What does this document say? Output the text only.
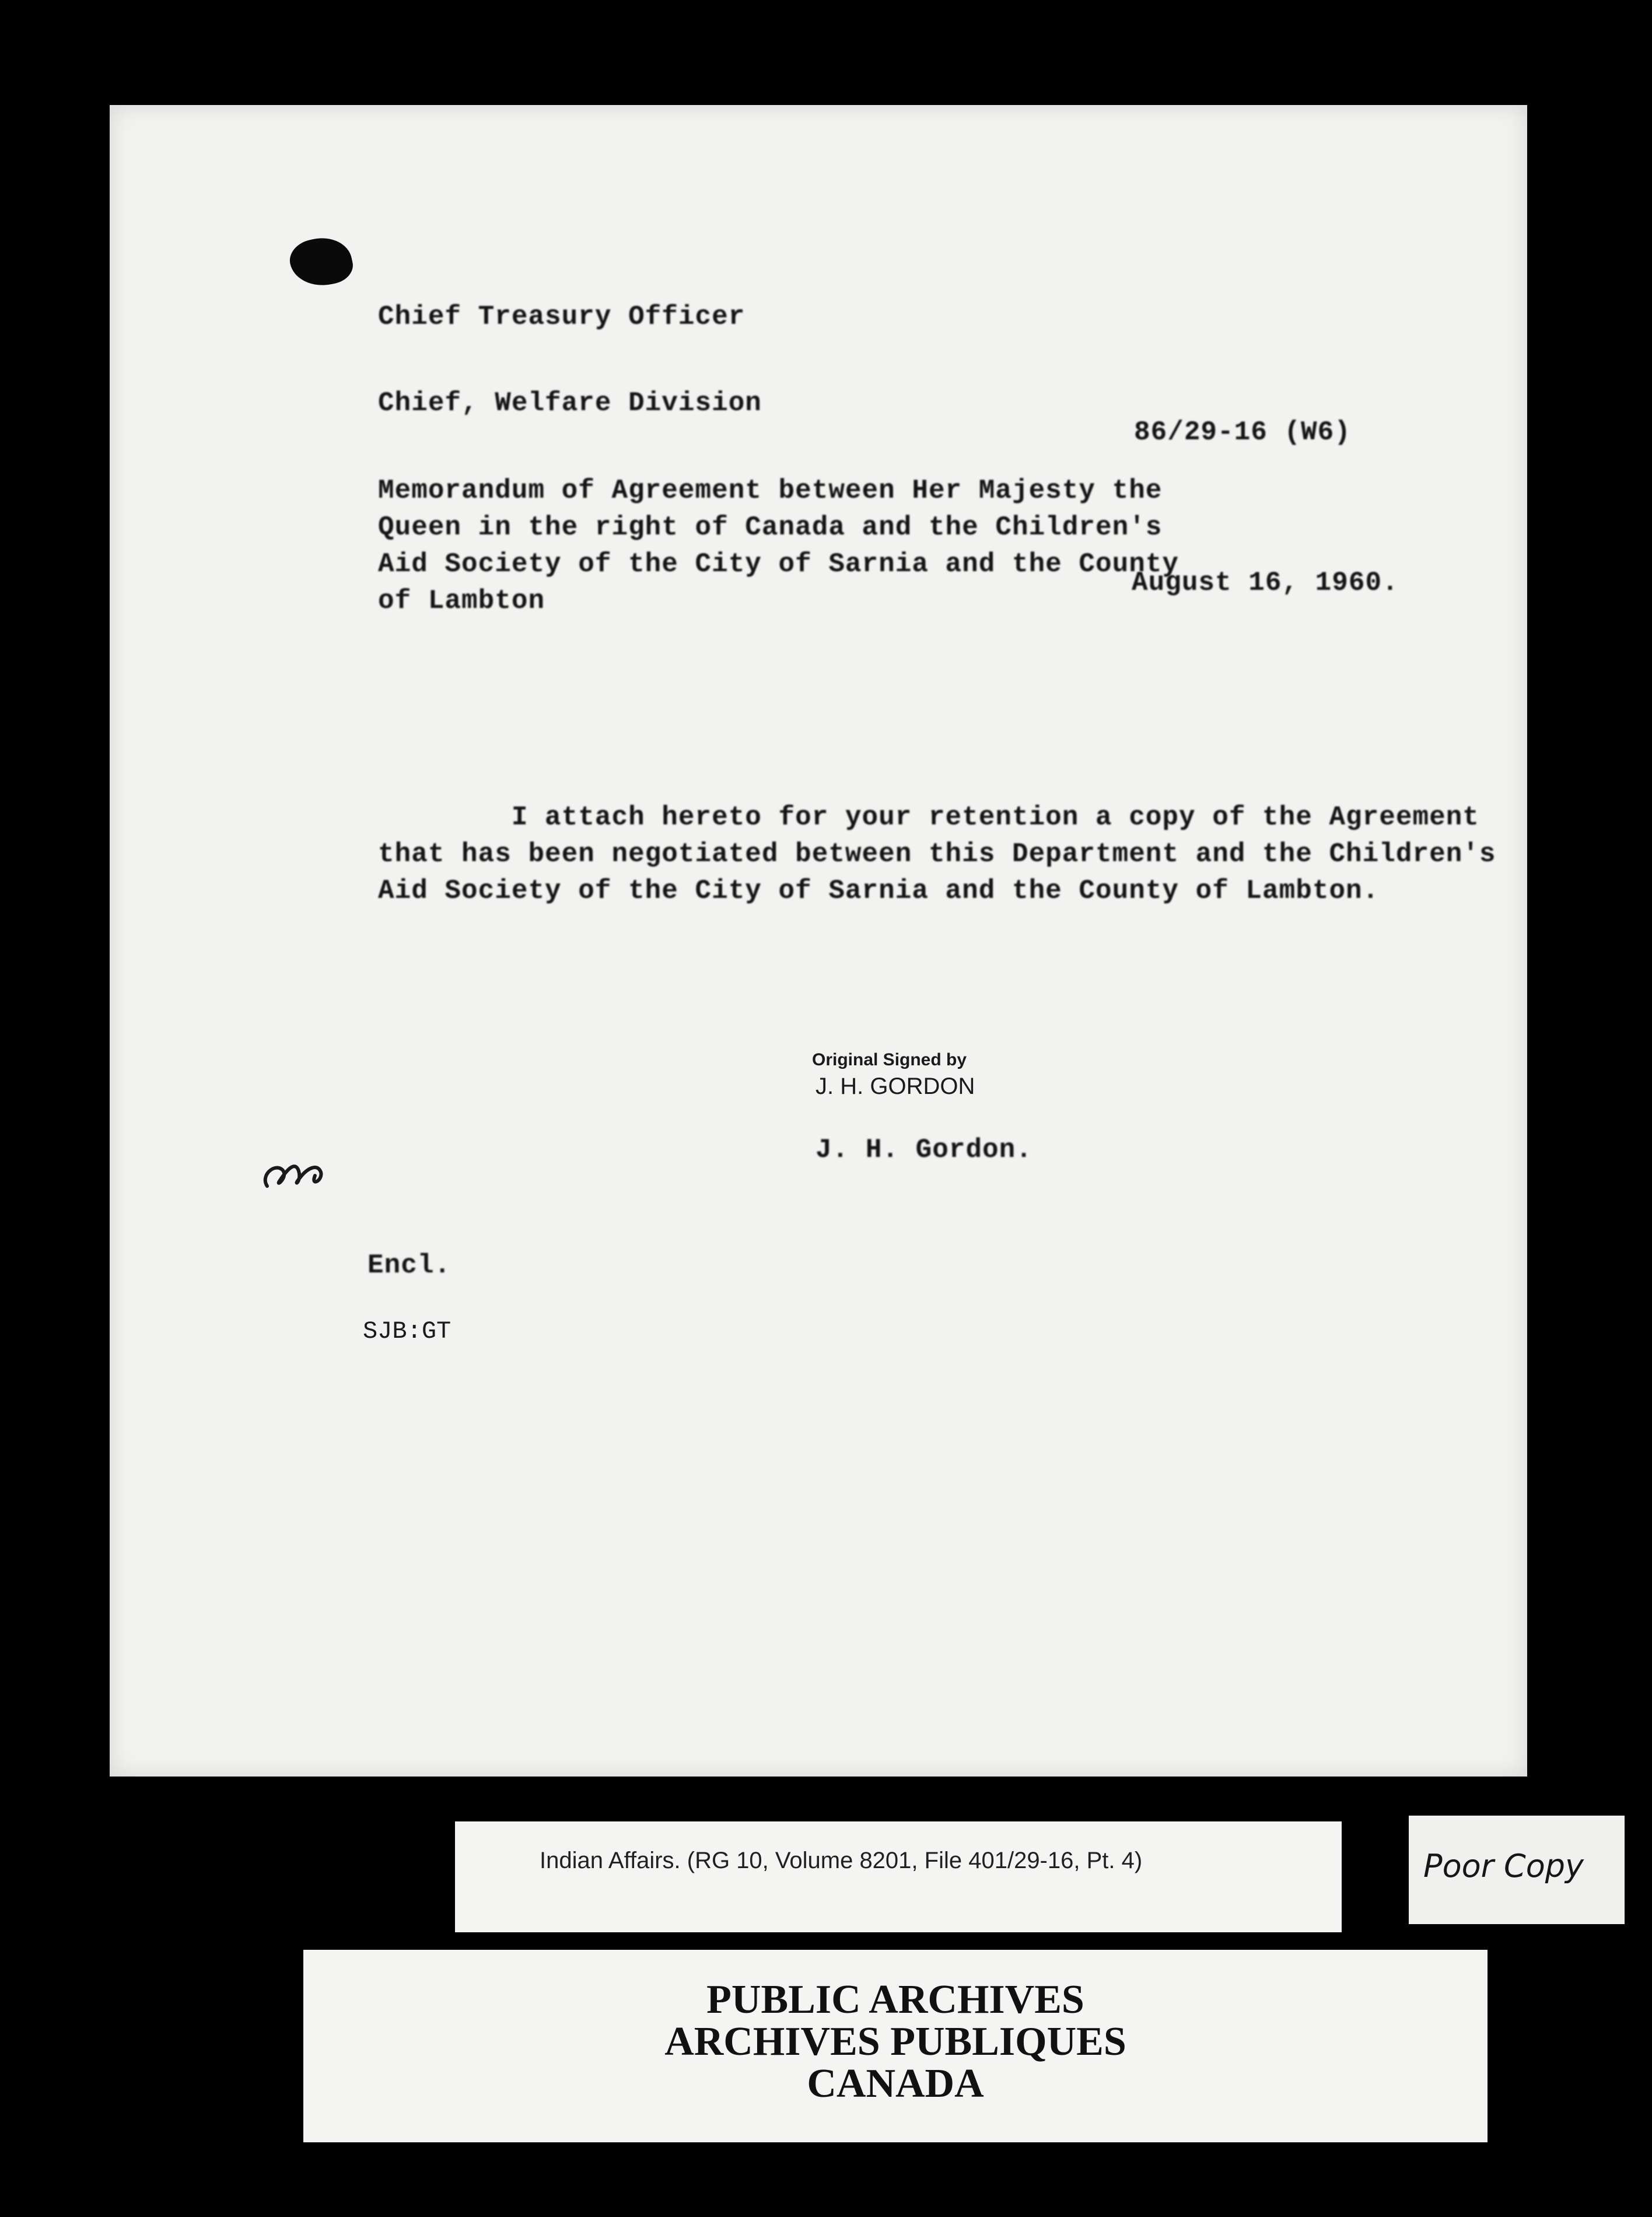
Chief Treasury Officer
Chief, Welfare Division
86/29-16 (W6)
Memorandum of Agreement between Her Majesty the
Queen in the right of Canada and the Children's
Aid Society of the City of Sarnia and the County
of Lambton
August 16, 1960.
I attach hereto for your retention a copy of the Agreement
that has been negotiated between this Department and the Children's
Aid Society of the City of Sarnia and the County of Lambton.
Original Signed by
J. H. GORDON
J. H. Gordon.
Encl.
SJB:GT
Indian Affairs. (RG 10, Volume 8201, File 401/29-16, Pt. 4)	Poor Copy
PUBLIC ARCHIVES
ARCHIVES PUBLIQUES
CANADA
